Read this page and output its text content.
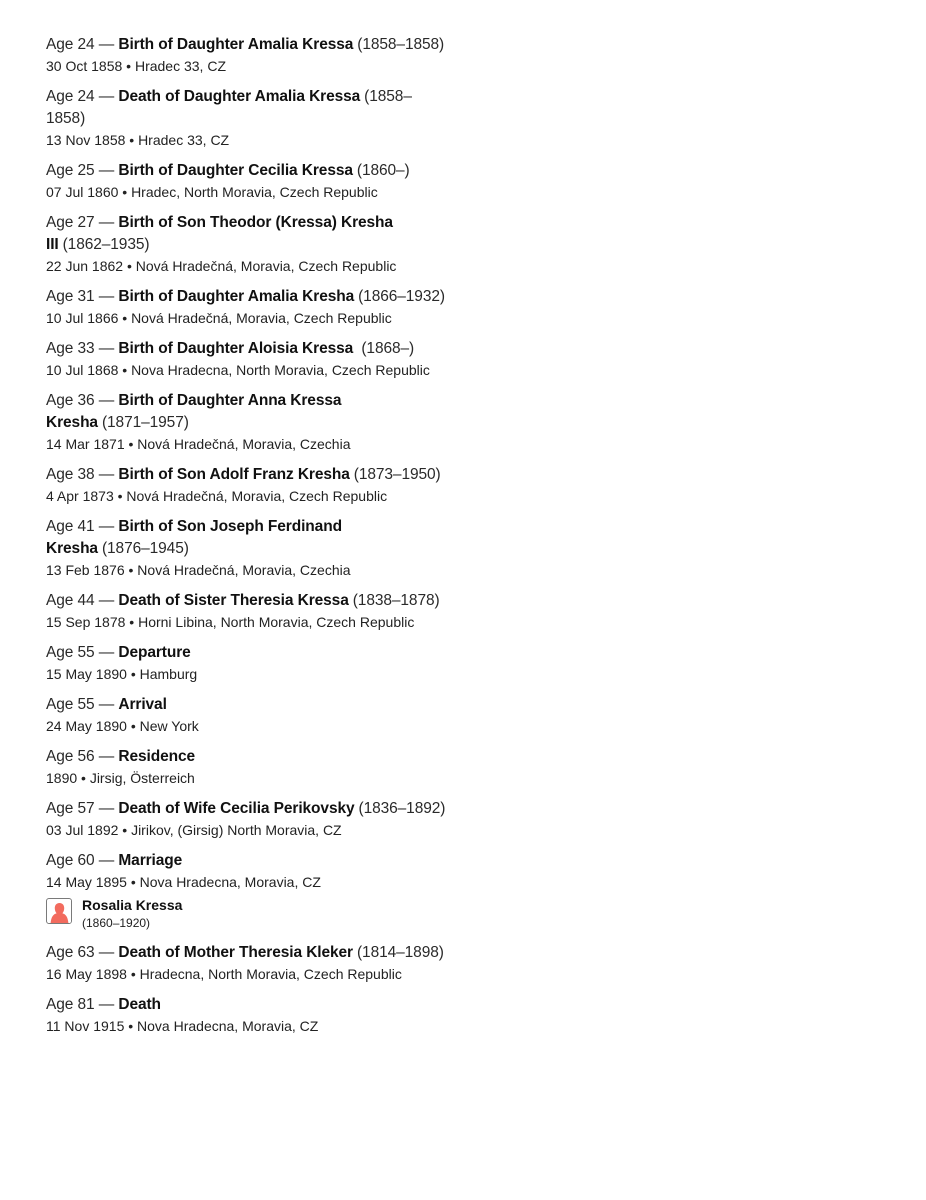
Age 24 — Birth of Daughter Amalia Kressa (1858–1858)
30 Oct 1858 • Hradec 33, CZ
Age 24 — Death of Daughter Amalia Kressa (1858–1858)
13 Nov 1858 • Hradec 33, CZ
Age 25 — Birth of Daughter Cecilia Kressa (1860–)
07 Jul 1860 • Hradec, North Moravia, Czech Republic
Age 27 — Birth of Son Theodor (Kressa) Kresha III (1862–1935)
22 Jun 1862 • Nová Hradečná, Moravia, Czech Republic
Age 31 — Birth of Daughter Amalia Kresha (1866–1932)
10 Jul 1866 • Nová Hradečná, Moravia, Czech Republic
Age 33 — Birth of Daughter Aloisia Kressa (1868–)
10 Jul 1868 • Nova Hradecna, North Moravia, Czech Republic
Age 36 — Birth of Daughter Anna Kressa Kresha (1871–1957)
14 Mar 1871 • Nová Hradečná, Moravia, Czechia
Age 38 — Birth of Son Adolf Franz Kresha (1873–1950)
4 Apr 1873 • Nová Hradečná, Moravia, Czech Republic
Age 41 — Birth of Son Joseph Ferdinand Kresha (1876–1945)
13 Feb 1876 • Nová Hradečná, Moravia, Czechia
Age 44 — Death of Sister Theresia Kressa (1838–1878)
15 Sep 1878 • Horni Libina, North Moravia, Czech Republic
Age 55 — Departure
15 May 1890 • Hamburg
Age 55 — Arrival
24 May 1890 • New York
Age 56 — Residence
1890 • Jirsig, Österreich
Age 57 — Death of Wife Cecilia Perikovsky (1836–1892)
03 Jul 1892 • Jirikov, (Girsig) North Moravia, CZ
Age 60 — Marriage
14 May 1895 • Nova Hradecna, Moravia, CZ
Rosalia Kressa
(1860–1920)
Age 63 — Death of Mother Theresia Kleker (1814–1898)
16 May 1898 • Hradecna, North Moravia, Czech Republic
Age 81 — Death
11 Nov 1915 • Nova Hradecna, Moravia, CZ
